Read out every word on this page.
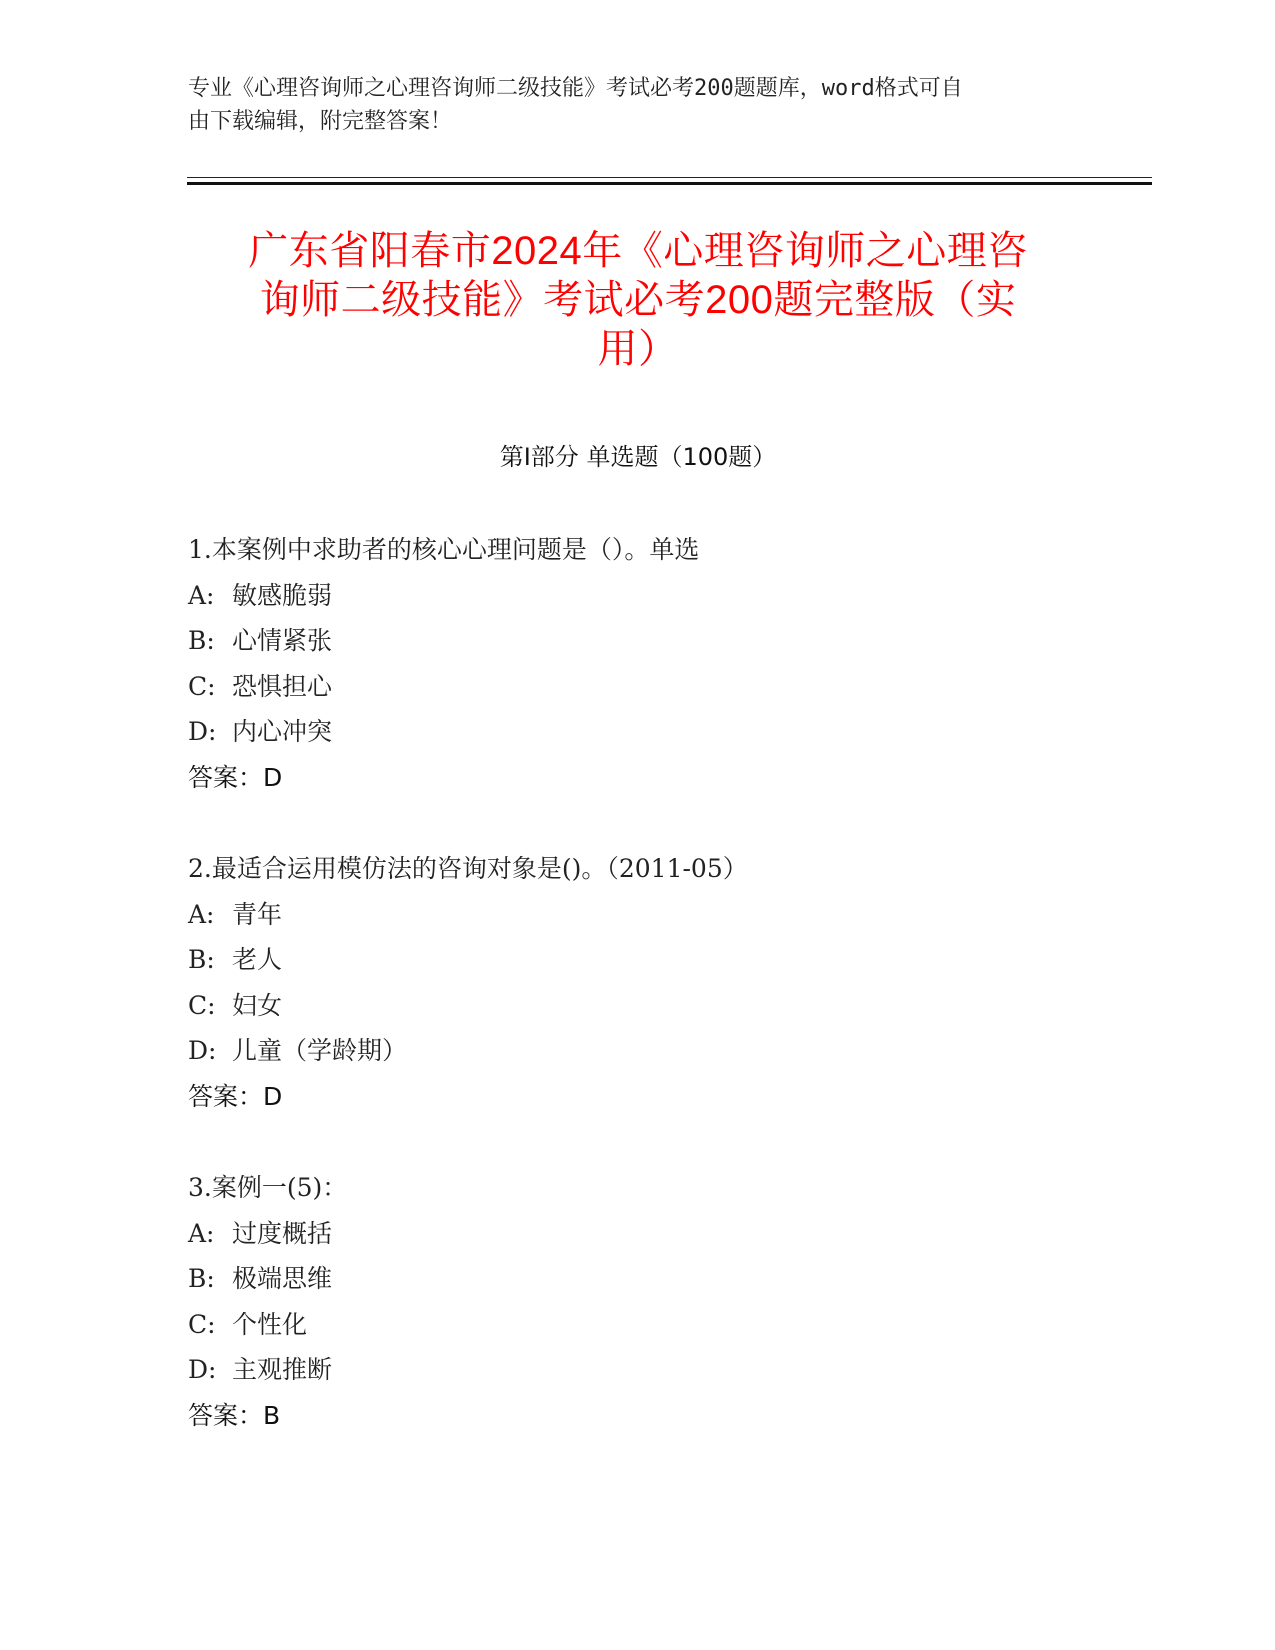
专业《心理咨询师之心理咨询师二级技能》考试必考200题题库，word格式可自
由下载编辑，附完整答案！
广东省阳春市2024年《心理咨询师之心理咨
询师二级技能》考试必考200题完整版（实
用）
第Ⅰ部分 单选题（100题）
1.本案例中求助者的核心心理问题是（）。单选
A: 敏感脆弱
B: 心情紧张
C: 恐惧担心
D: 内心冲突
答案：D
2.最适合运用模仿法的咨询对象是()。（2011-05）
A: 青年
B: 老人
C: 妇女
D: 儿童（学龄期）
答案：D
3.案例一(5)：
A: 过度概括
B: 极端思维
C: 个性化
D: 主观推断
答案：B
